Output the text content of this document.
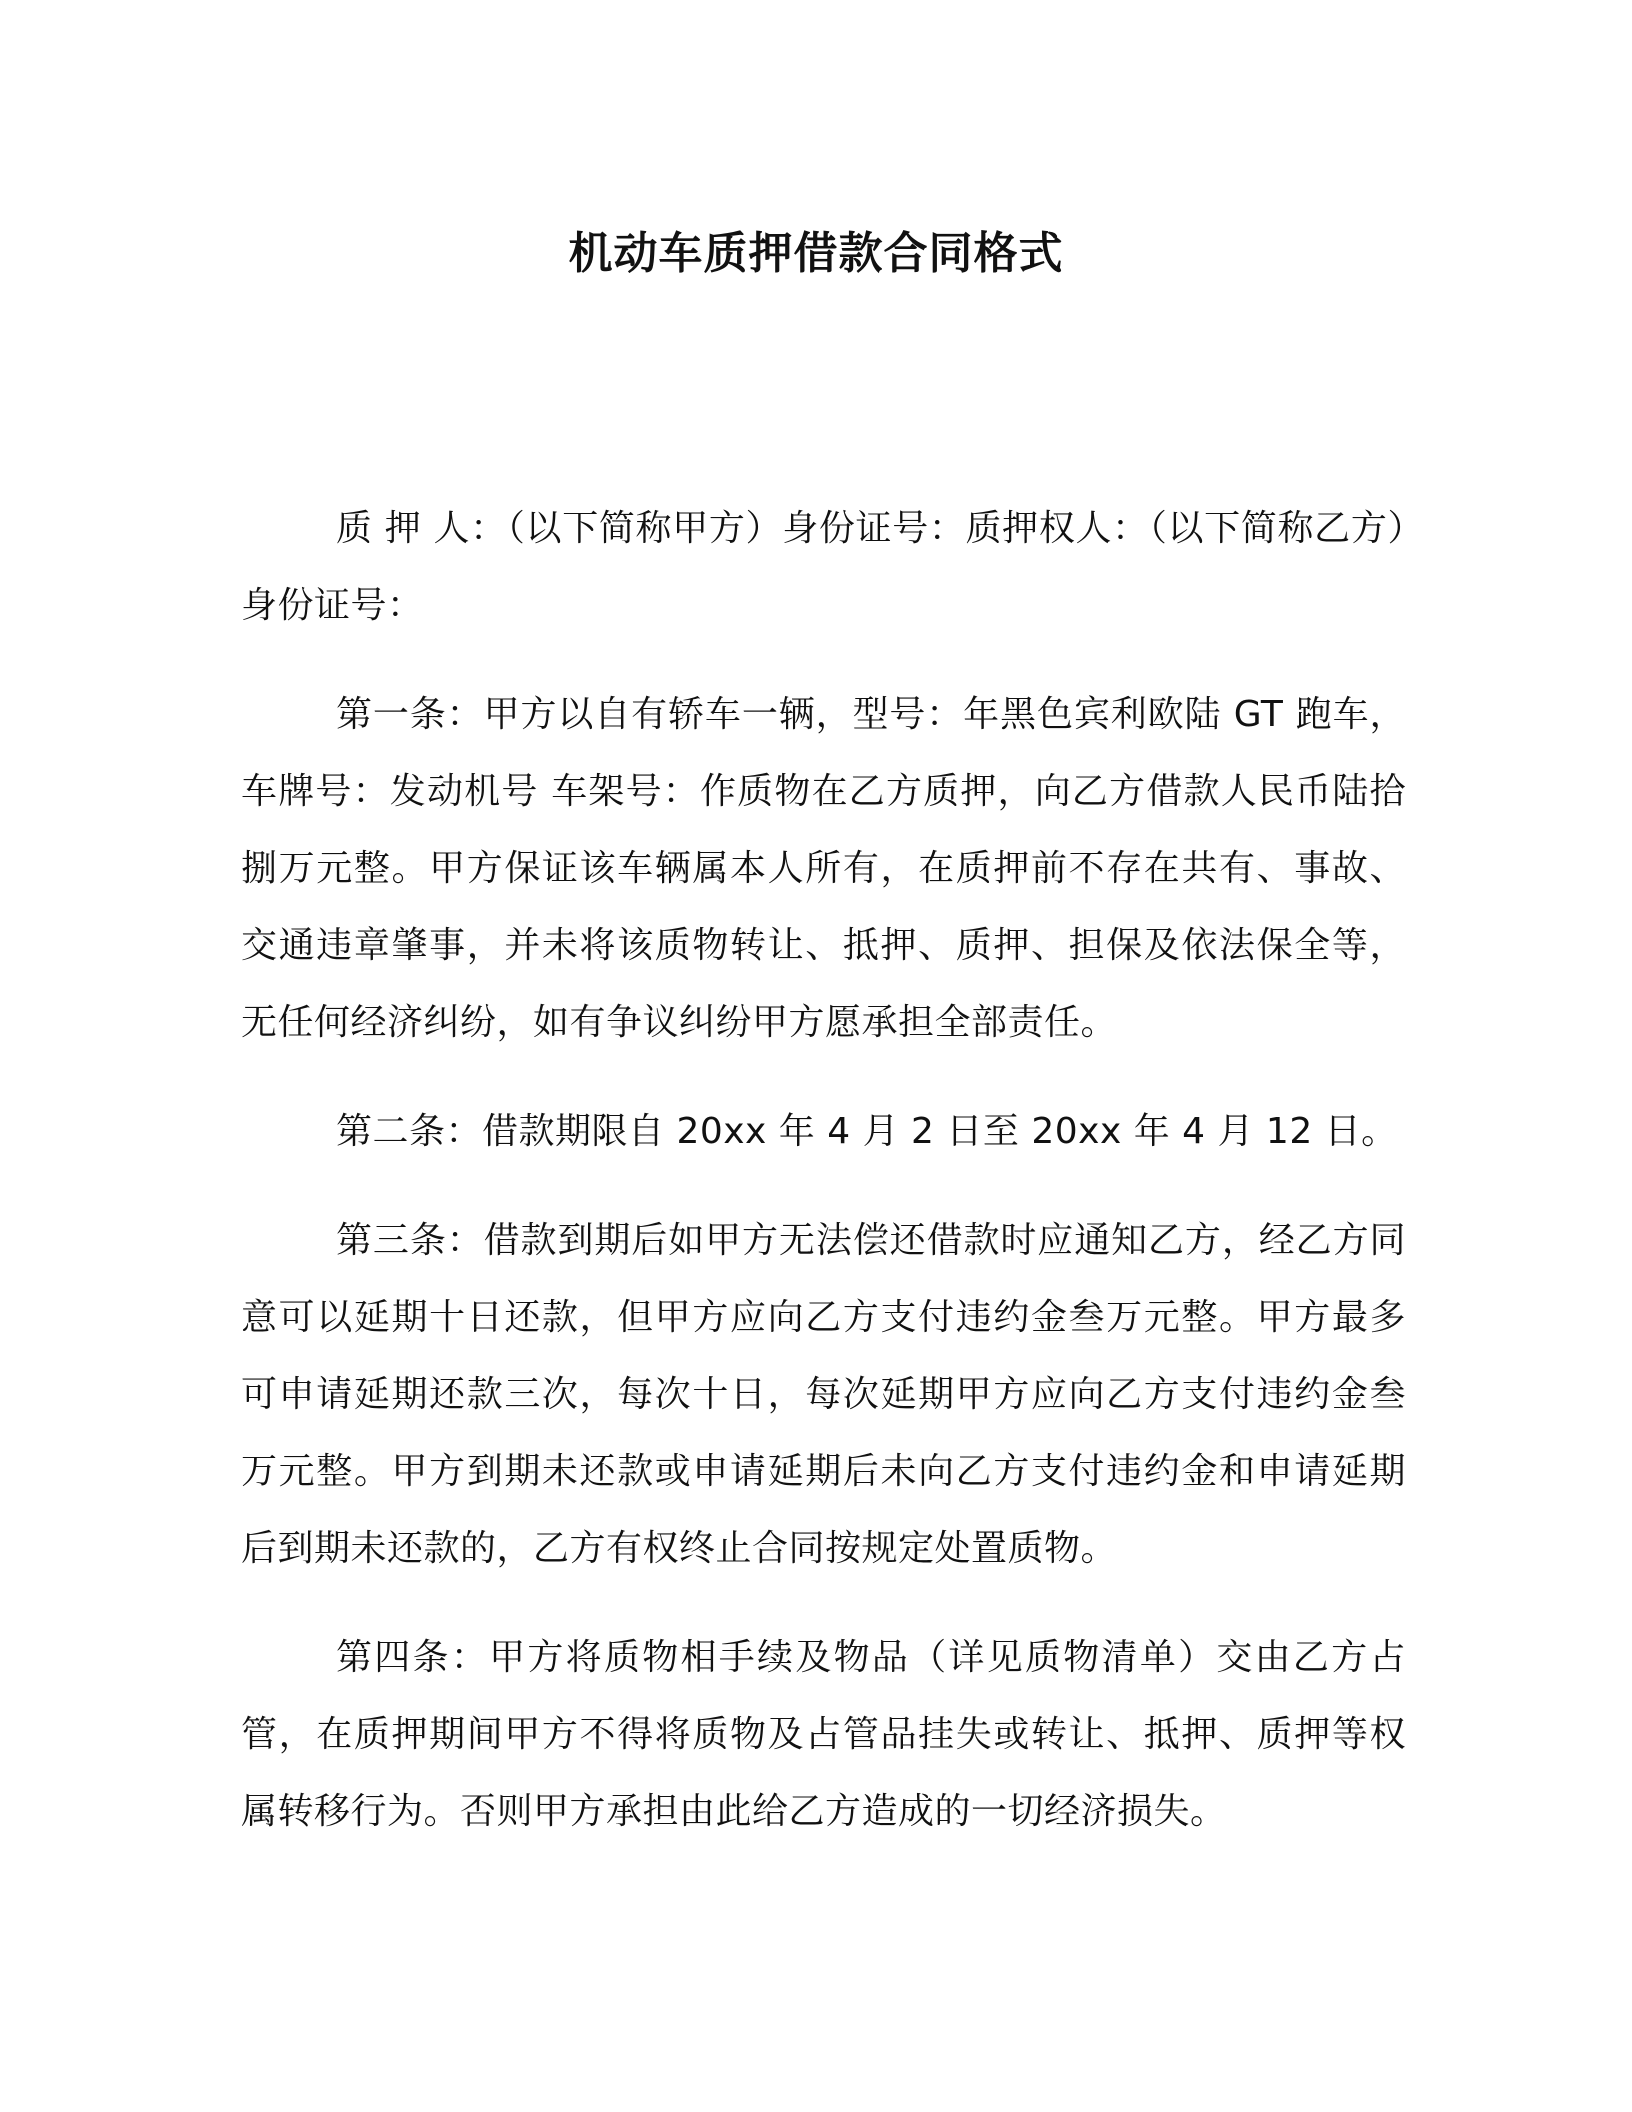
机动车质押借款合同格式

质 押 人：（以下简称甲方）身份证号：质押权人：（以下简称乙方）身份证号：

第一条：甲方以自有轿车一辆，型号：年黑色宾利欧陆 GT 跑车，车牌号：发动机号 车架号：作质物在乙方质押，向乙方借款人民币陆拾捌万元整。甲方保证该车辆属本人所有，在质押前不存在共有、事故、交通违章肇事，并未将该质物转让、抵押、质押、担保及依法保全等，无任何经济纠纷，如有争议纠纷甲方愿承担全部责任。

第二条：借款期限自 20xx 年 4 月 2 日至 20xx 年 4 月 12 日。

第三条：借款到期后如甲方无法偿还借款时应通知乙方，经乙方同意可以延期十日还款，但甲方应向乙方支付违约金叁万元整。甲方最多可申请延期还款三次，每次十日，每次延期甲方应向乙方支付违约金叁万元整。甲方到期未还款或申请延期后未向乙方支付违约金和申请延期后到期未还款的，乙方有权终止合同按规定处置质物。

第四条：甲方将质物相手续及物品（详见质物清单）交由乙方占管，在质押期间甲方不得将质物及占管品挂失或转让、抵押、质押等权属转移行为。否则甲方承担由此给乙方造成的一切经济损失。
